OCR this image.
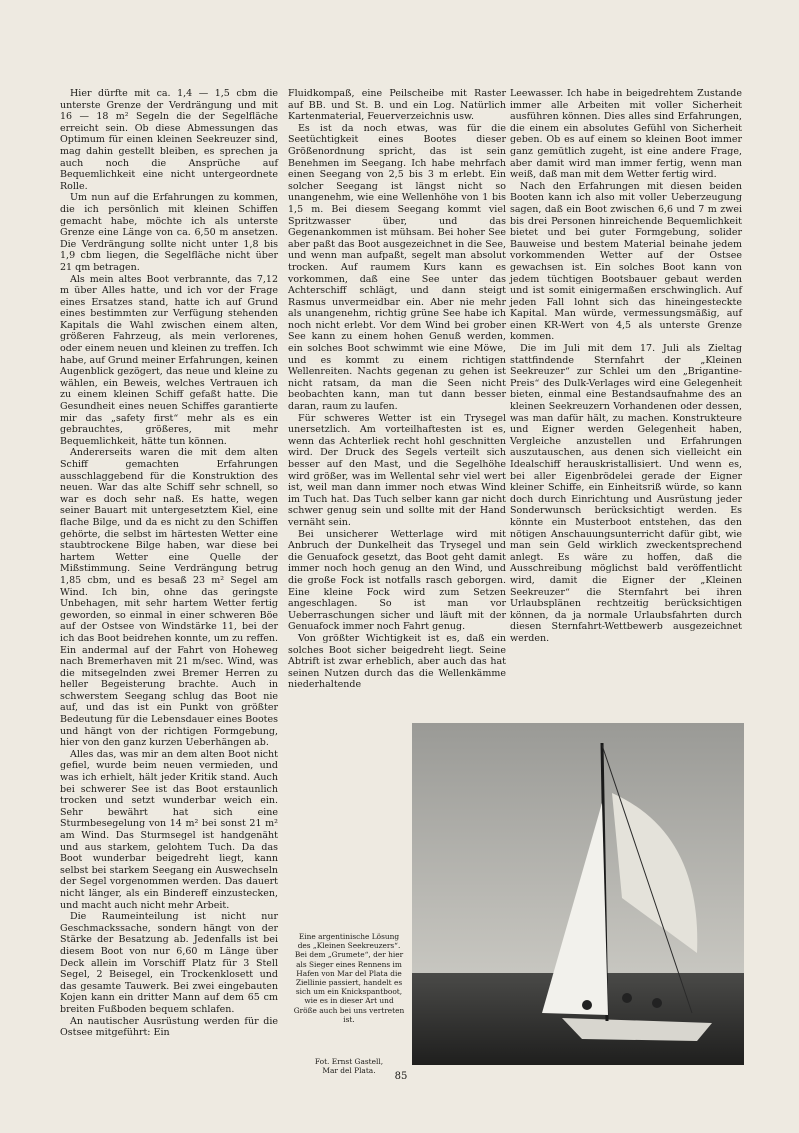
Hier dürfte mit ca. 1,4 — 1,5 cbm die unterste Grenze der Verdrängung und mit 16 — 18 m² Segeln die der Segelfläche erreicht sein. Ob diese Abmessungen das Optimum für einen kleinen Seekreuzer sind, mag dahin gestellt bleiben, es sprechen ja auch noch die Ansprüche auf Bequemlichkeit eine nicht untergeordnete Rolle.

Um nun auf die Erfahrungen zu kommen, die ich persönlich mit kleinen Schiffen gemacht habe, möchte ich als unterste Grenze eine Länge von ca. 6,50 m ansetzen. Die Verdrängung sollte nicht unter 1,8 bis 1,9 cbm liegen, die Segelfläche nicht über 21 qm betragen.

Als mein altes Boot verbrannte, das 7,12 m über Alles hatte, und ich vor der Frage eines Ersatzes stand, hatte ich auf Grund eines bestimmten zur Verfügung stehenden Kapitals die Wahl zwischen einem alten, größeren Fahrzeug, als mein verlorenes, oder einem neuen und kleinen zu treffen. Ich habe, auf Grund meiner Erfahrungen, keinen Augenblick gezögert, das neue und kleine zu wählen, ein Beweis, welches Vertrauen ich zu einem kleinen Schiff gefaßt hatte. Die Gesundheit eines neuen Schiffes garantierte mir das „safety first“ mehr als es ein gebrauchtes, größeres, mit mehr Bequemlichkeit, hätte tun können.

Andererseits waren die mit dem alten Schiff gemachten Erfahrungen ausschlaggebend für die Konstruktion des neuen. War das alte Schiff sehr schnell, so war es doch sehr naß. Es hatte, wegen seiner Bauart mit untergesetztem Kiel, eine flache Bilge, und da es nicht zu den Schiffen gehörte, die selbst im härtesten Wetter eine staubtrockene Bilge haben, war diese bei hartem Wetter eine Quelle der Mißstimmung. Seine Verdrängung betrug 1,85 cbm, und es besaß 23 m² Segel am Wind. Ich bin, ohne das geringste Unbehagen, mit sehr hartem Wetter fertig geworden, so einmal in einer schweren Böe auf der Ostsee von Windstärke 11, bei der ich das Boot beidrehen konnte, um zu reffen. Ein andermal auf der Fahrt von Hoheweg nach Bremerhaven mit 21 m/sec. Wind, was die mitsegelnden zwei Bremer Herren zu heller Begeisterung brachte. Auch in schwerstem Seegang schlug das Boot nie auf, und das ist ein Punkt von größter Bedeutung für die Lebensdauer eines Bootes und hängt von der richtigen Formgebung, hier von den ganz kurzen Ueberhängen ab.

Alles das, was mir an dem alten Boot nicht gefiel, wurde beim neuen vermieden, und was ich erhielt, hält jeder Kritik stand. Auch bei schwerer See ist das Boot erstaunlich trocken und setzt wunderbar weich ein. Sehr bewährt hat sich eine Sturmbesegelung von 14 m² bei sonst 21 m² am Wind. Das Sturmsegel ist handgenäht und aus starkem, gelohtem Tuch. Da das Boot wunderbar beigedreht liegt, kann selbst bei starkem Seegang ein Auswechseln der Segel vorgenommen werden. Das dauert nicht länger, als ein Bindereff einzustecken, und macht auch nicht mehr Arbeit.

Die Raumeinteilung ist nicht nur Geschmackssache, sondern hängt von der Stärke der Besatzung ab. Jedenfalls ist bei diesem Boot von nur 6,60 m Länge über Deck allein im Vorschiff Platz für 3 Stell Segel, 2 Beisegel, ein Trockenklosett und das gesamte Tauwerk. Bei zwei eingebauten Kojen kann ein dritter Mann auf dem 65 cm breiten Fußboden bequem schlafen.

An nautischer Ausrüstung werden für die Ostsee mitgeführt: Ein

Fluidkompaß, eine Peilscheibe mit Raster auf BB. und St. B. und ein Log. Natürlich Kartenmaterial, Feuerverzeichnis usw.

Es ist da noch etwas, was für die Seetüchtigkeit eines Bootes dieser Größenordnung spricht, das ist sein Benehmen im Seegang. Ich habe mehrfach einen Seegang von 2,5 bis 3 m erlebt. Ein solcher Seegang ist längst nicht so unangenehm, wie eine Wellenhöhe von 1 bis 1,5 m. Bei diesem Seegang kommt viel Spritzwasser über, und das Gegenankommen ist mühsam. Bei hoher See aber paßt das Boot ausgezeichnet in die See, und wenn man aufpaßt, segelt man absolut trocken. Auf raumem Kurs kann es vorkommen, daß eine See unter das Achterschiff schlägt, und dann steigt Rasmus unvermeidbar ein. Aber nie mehr als unangenehm, richtig grüne See habe ich noch nicht erlebt. Vor dem Wind bei grober See kann zu einem hohen Genuß werden, ein solches Boot schwimmt wie eine Möwe, und es kommt zu einem richtigen Wellenreiten. Nachts gegenan zu gehen ist nicht ratsam, da man die Seen nicht beobachten kann, man tut dann besser daran, raum zu laufen.

Für schweres Wetter ist ein Trysegel unersetzlich. Am vorteilhaftesten ist es, wenn das Achterliek recht hohl geschnitten wird. Der Druck des Segels verteilt sich besser auf den Mast, und die Segelhöhe wird größer, was im Wellental sehr viel wert ist, weil man dann immer noch etwas Wind im Tuch hat. Das Tuch selber kann gar nicht schwer genug sein und sollte mit der Hand vernäht sein.

Bei unsicherer Wetterlage wird mit Anbruch der Dunkelheit das Trysegel und die Genuafock gesetzt, das Boot geht damit immer noch hoch genug an den Wind, und die große Fock ist notfalls rasch geborgen. Eine kleine Fock wird zum Setzen angeschlagen. So ist man vor Ueberraschungen sicher und läuft mit der Genuafock immer noch Fahrt genug.

Von größter Wichtigkeit ist es, daß ein solches Boot sicher beigedreht liegt. Seine Abtrift ist zwar erheblich, aber auch das hat seinen Nutzen durch das die Wellenkämme niederhaltende

Leewasser. Ich habe in beigedrehtem Zustande immer alle Arbeiten mit voller Sicherheit ausführen können. Dies alles sind Erfahrungen, die einem ein absolutes Gefühl von Sicherheit geben. Ob es auf einem so kleinen Boot immer ganz gemütlich zugeht, ist eine andere Frage, aber damit wird man immer fertig, wenn man weiß, daß man mit dem Wetter fertig wird.

Nach den Erfahrungen mit diesen beiden Booten kann ich also mit voller Ueberzeugung sagen, daß ein Boot zwischen 6,6 und 7 m zwei bis drei Personen hinreichende Bequemlichkeit bietet und bei guter Formgebung, solider Bauweise und bestem Material beinahe jedem vorkommenden Wetter auf der Ostsee gewachsen ist. Ein solches Boot kann von jedem tüchtigen Bootsbauer gebaut werden und ist somit einigermaßen erschwinglich. Auf jeden Fall lohnt sich das hineingesteckte Kapital. Man würde, vermessungsmäßig, auf einen KR-Wert von 4,5 als unterste Grenze kommen.

Die im Juli mit dem 17. Juli als Zieltag stattfindende Sternfahrt der „Kleinen Seekreuzer“ zur Schlei um den „Brigantine-Preis“ des Dulk-Verlages wird eine Gelegenheit bieten, einmal eine Bestandsaufnahme des an kleinen Seekreuzern Vorhandenen oder dessen, was man dafür hält, zu machen. Konstrukteure und Eigner werden Gelegenheit haben, Vergleiche anzustellen und Erfahrungen auszutauschen, aus denen sich vielleicht ein Idealschiff herauskristallisiert. Und wenn es, bei aller Eigenbrödelei gerade der Eigner kleiner Schiffe, ein Einheitsriß würde, so kann doch durch Einrichtung und Ausrüstung jeder Sonderwunsch berücksichtigt werden. Es könnte ein Musterboot entstehen, das den nötigen Anschauungsunterricht dafür gibt, wie man sein Geld wirklich zweckentsprechend anlegt. Es wäre zu hoffen, daß die Ausschreibung möglichst bald veröffentlicht wird, damit die Eigner der „Kleinen Seekreuzer“ die Sternfahrt bei ihren Urlaubsplänen rechtzeitig berücksichtigen können, da ja normale Urlaubsfahrten durch diesen Sternfahrt-Wettbewerb ausgezeichnet werden.

Eine argentinische Lösung des „Kleinen Seekreuzers“. Bei dem „Grumete“, der hier als Sieger eines Rennens im Hafen von Mar del Plata die Ziellinie passiert, handelt es sich um ein Knickspantboot, wie es in dieser Art und Größe auch bei uns vertreten ist.
Fot. Ernst Gastell,
Mar del Plata.
85
